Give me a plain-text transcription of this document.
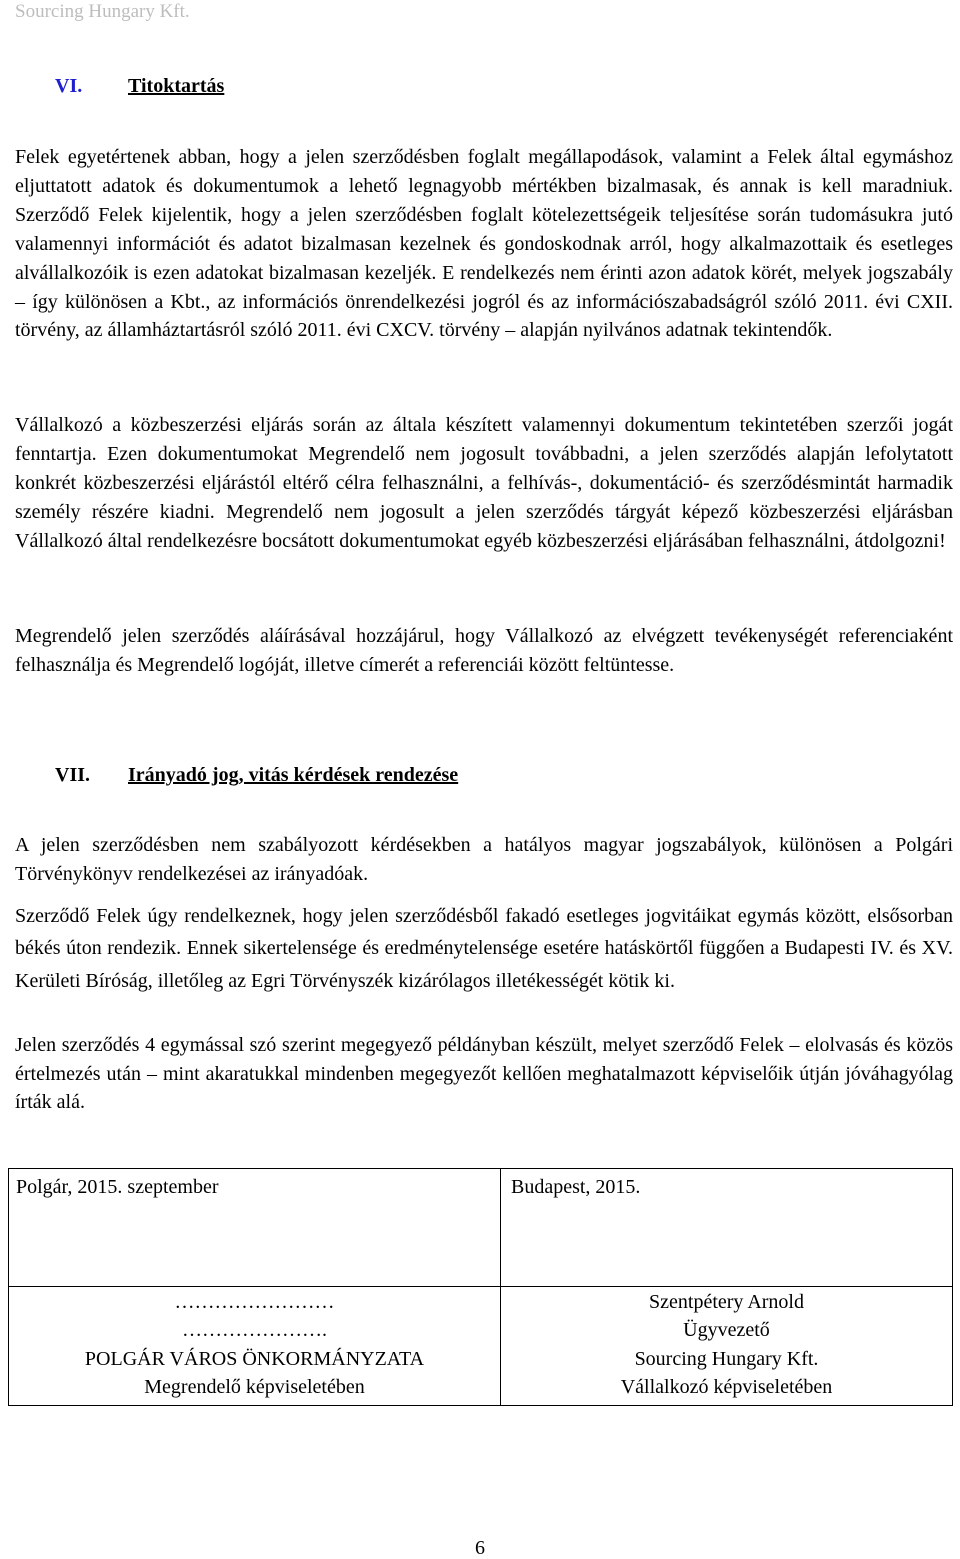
Sourcing Hungary Kft.
VI. Titoktartás

Felek egyetértenek abban, hogy a jelen szerződésben foglalt megállapodások, valamint a Felek által egymáshoz eljuttatott adatok és dokumentumok a lehető legnagyobb mértékben bizalmasak, és annak is kell maradniuk. Szerződő Felek kijelentik, hogy a jelen szerződésben foglalt kötelezettségeik teljesítése során tudomásukra jutó valamennyi információt és adatot bizalmasan kezelnek és gondoskodnak arról, hogy alkalmazottaik és esetleges alvállalkozóik is ezen adatokat bizalmasan kezeljék. E rendelkezés nem érinti azon adatok körét, melyek jogszabály – így különösen a Kbt., az információs önrendelkezési jogról és az információszabadságról szóló 2011. évi CXII. törvény, az államháztartásról szóló 2011. évi CXCV. törvény – alapján nyilvános adatnak tekintendők.

Vállalkozó a közbeszerzési eljárás során az általa készített valamennyi dokumentum tekintetében szerzői jogát fenntartja. Ezen dokumentumokat Megrendelő nem jogosult továbbadni, a jelen szerződés alapján lefolytatott konkrét közbeszerzési eljárástól eltérő célra felhasználni, a felhívás-, dokumentáció- és szerződésmintát harmadik személy részére kiadni. Megrendelő nem jogosult a jelen szerződés tárgyát képező közbeszerzési eljárásban Vállalkozó által rendelkezésre bocsátott dokumentumokat egyéb közbeszerzési eljárásában felhasználni, átdolgozni!

Megrendelő jelen szerződés aláírásával hozzájárul, hogy Vállalkozó az elvégzett tevékenységét referenciaként felhasználja és Megrendelő logóját, illetve címerét a referenciái között feltüntesse.

VII. Irányadó jog, vitás kérdések rendezése

A jelen szerződésben nem szabályozott kérdésekben a hatályos magyar jogszabályok, különösen a Polgári Törvénykönyv rendelkezései az irányadóak.

Szerződő Felek úgy rendelkeznek, hogy jelen szerződésből fakadó esetleges jogvitáikat egymás között, elsősorban békés úton rendezik. Ennek sikertelensége és eredménytelensége esetére hatáskörtől függően a Budapesti IV. és XV. Kerületi Bíróság, illetőleg az Egri Törvényszék kizárólagos illetékességét kötik ki.

Jelen szerződés 4 egymással szó szerint megegyező példányban készült, melyet szerződő Felek – elolvasás és közös értelmezés után – mint akaratukkal mindenben megegyezőt kellően meghatalmazott képviselőik útján jóváhagyólag írták alá.

Polgár, 2015. szeptember	Budapest, 2015.
……………………
………………….
POLGÁR VÁROS ÖNKORMÁNYZATA
Megrendelő képviseletében
Szentpétery Arnold
Ügyvezető
Sourcing Hungary Kft.
Vállalkozó képviseletében
6
